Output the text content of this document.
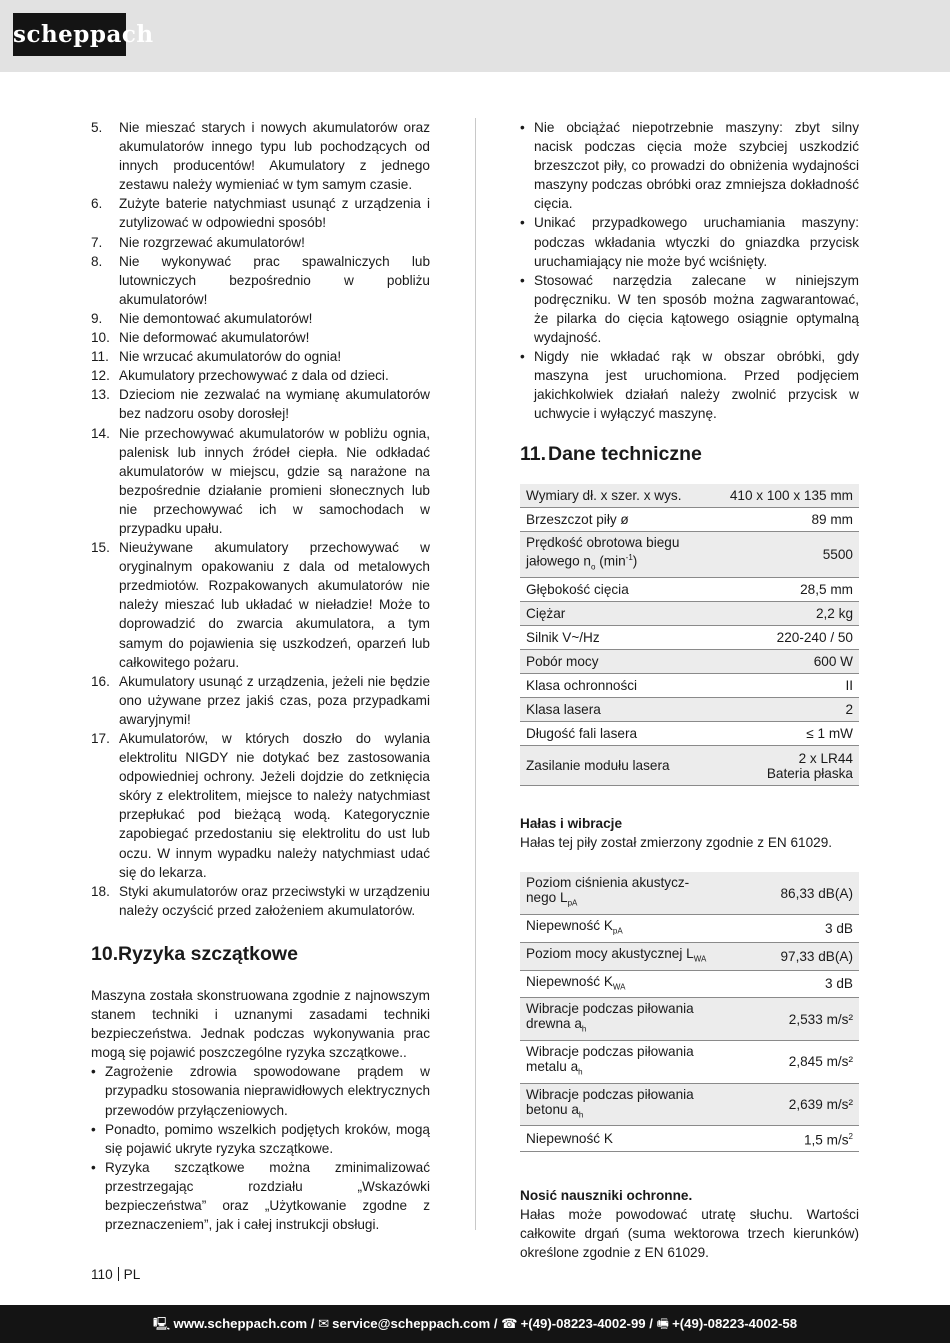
scheppach
5. Nie mieszać starych i nowych akumulatorów oraz akumulatorów innego typu lub pochodzących od innych producentów! Akumulatory z jednego zestawu należy wymieniać w tym samym czasie.
6. Zużyte baterie natychmiast usunąć z urządzenia i zutylizować w odpowiedni sposób!
7. Nie rozgrzewać akumulatorów!
8. Nie wykonywać prac spawalniczych lub lutowniczych bezpośrednio w pobliżu akumulatorów!
9. Nie demontować akumulatorów!
10. Nie deformować akumulatorów!
11. Nie wrzucać akumulatorów do ognia!
12. Akumulatory przechowywać z dala od dzieci.
13. Dzieciom nie zezwalać na wymianę akumulatorów bez nadzoru osoby dorosłej!
14. Nie przechowywać akumulatorów w pobliżu ognia, palenisk lub innych źródeł ciepła. Nie odkładać akumulatorów w miejscu, gdzie są narażone na bezpośrednie działanie promieni słonecznych lub nie przechowywać ich w samochodach w przypadku upału.
15. Nieużywane akumulatory przechowywać w oryginalnym opakowaniu z dala od metalowych przedmiotów. Rozpakowanych akumulatorów nie należy mieszać lub układać w nieładzie! Może to doprowadzić do zwarcia akumulatora, a tym samym do pojawienia się uszkodzeń, oparzeń lub całkowitego pożaru.
16. Akumulatory usunąć z urządzenia, jeżeli nie będzie ono używane przez jakiś czas, poza przypadkami awaryjnymi!
17. Akumulatorów, w których doszło do wylania elektrolitu NIGDY nie dotykać bez zastosowania odpowiedniej ochrony. Jeżeli dojdzie do zetknięcia skóry z elektrolitem, miejsce to należy natychmiast przepłukać pod bieżącą wodą. Kategorycznie zapobiegać przedostaniu się elektrolitu do ust lub oczu. W innym wypadku należy natychmiast udać się do lekarza.
18. Styki akumulatorów oraz przeciwstyki w urządzeniu należy oczyścić przed założeniem akumulatorów.
10.Ryzyka szczątkowe

Maszyna została skonstruowana zgodnie z najnowszym stanem techniki i uznanymi zasadami techniki bezpieczeństwa. Jednak podczas wykonywania prac mogą się pojawić poszczególne ryzyka szczątkowe..

• Zagrożenie zdrowia spowodowane prądem w przypadku stosowania nieprawidłowych elektrycznych przewodów przyłączeniowych.
• Ponadto, pomimo wszelkich podjętych kroków, mogą się pojawić ukryte ryzyka szczątkowe.
• Ryzyka szczątkowe można zminimalizować przestrzegając rozdziału „Wskazówki bezpieczeństwa” oraz „Użytkowanie zgodne z przeznaczeniem”, jak i całej instrukcji obsługi.
• Nie obciążać niepotrzebnie maszyny: zbyt silny nacisk podczas cięcia może szybciej uszkodzić brzeszczot piły, co prowadzi do obniżenia wydajności maszyny podczas obróbki oraz zmniejsza dokładność cięcia.
• Unikać przypadkowego uruchamiania maszyny: podczas wkładania wtyczki do gniazdka przycisk uruchamiający nie może być wciśnięty.
• Stosować narzędzia zalecane w niniejszym podręczniku. W ten sposób można zagwarantować, że pilarka do cięcia kątowego osiągnie optymalną wydajność.
• Nigdy nie wkładać rąk w obszar obróbki, gdy maszyna jest uruchomiona. Przed podjęciem jakichkolwiek działań należy zwolnić przycisk w uchwycie i wyłączyć maszynę.
11. Dane techniczne
Wymiary dł. x szer. x wys.	410 x 100 x 135 mm
Brzeszczot piły ø	89 mm
Prędkość obrotowa biegu
jałowego $n_o$ $(\min^{-1})$	5500
Głębokość cięcia	28,5 mm
Ciężar	2,2 kg
Silnik V~/Hz	220-240 / 50
Pobór mocy	600 W
Klasa ochronności	II
Klasa lasera	2
Długość fali lasera	≤ 1 mW
Zasilanie modułu lasera	2 x LR44
Bateria płaska
Hałas i wibracje

Hałas tej piły został zmierzony zgodnie z EN 61029.

Poziom ciśnienia akustycz-
nego $L_{pA}$	86,33 dB(A)
Niepewność $K_{pA}$	3 dB
Poziom mocy akustycznej $L_{WA}$	97,33 dB(A)
Niepewność $K_{WA}$	3 dB
Wibracje podczas piłowania
drewna $a_h$	2,533 m/s²
Wibracje podczas piłowania
metalu $a_h$	2,845 m/s²
Wibracje podczas piłowania
betonu $a_h$	2,639 m/s²
Niepewność K	1,5 $m/s^2$
Nosić nauszniki ochronne.

Hałas może powodować utratę słuchu. Wartości całkowite drgań (suma wektorowa trzech kierunków) określone zgodnie z EN 61029.

110 PL
🖳 www.scheppach.com / ✉ service@scheppach.com / ☎ +(49)-08223-4002-99 / 🖷 +(49)-08223-4002-58
